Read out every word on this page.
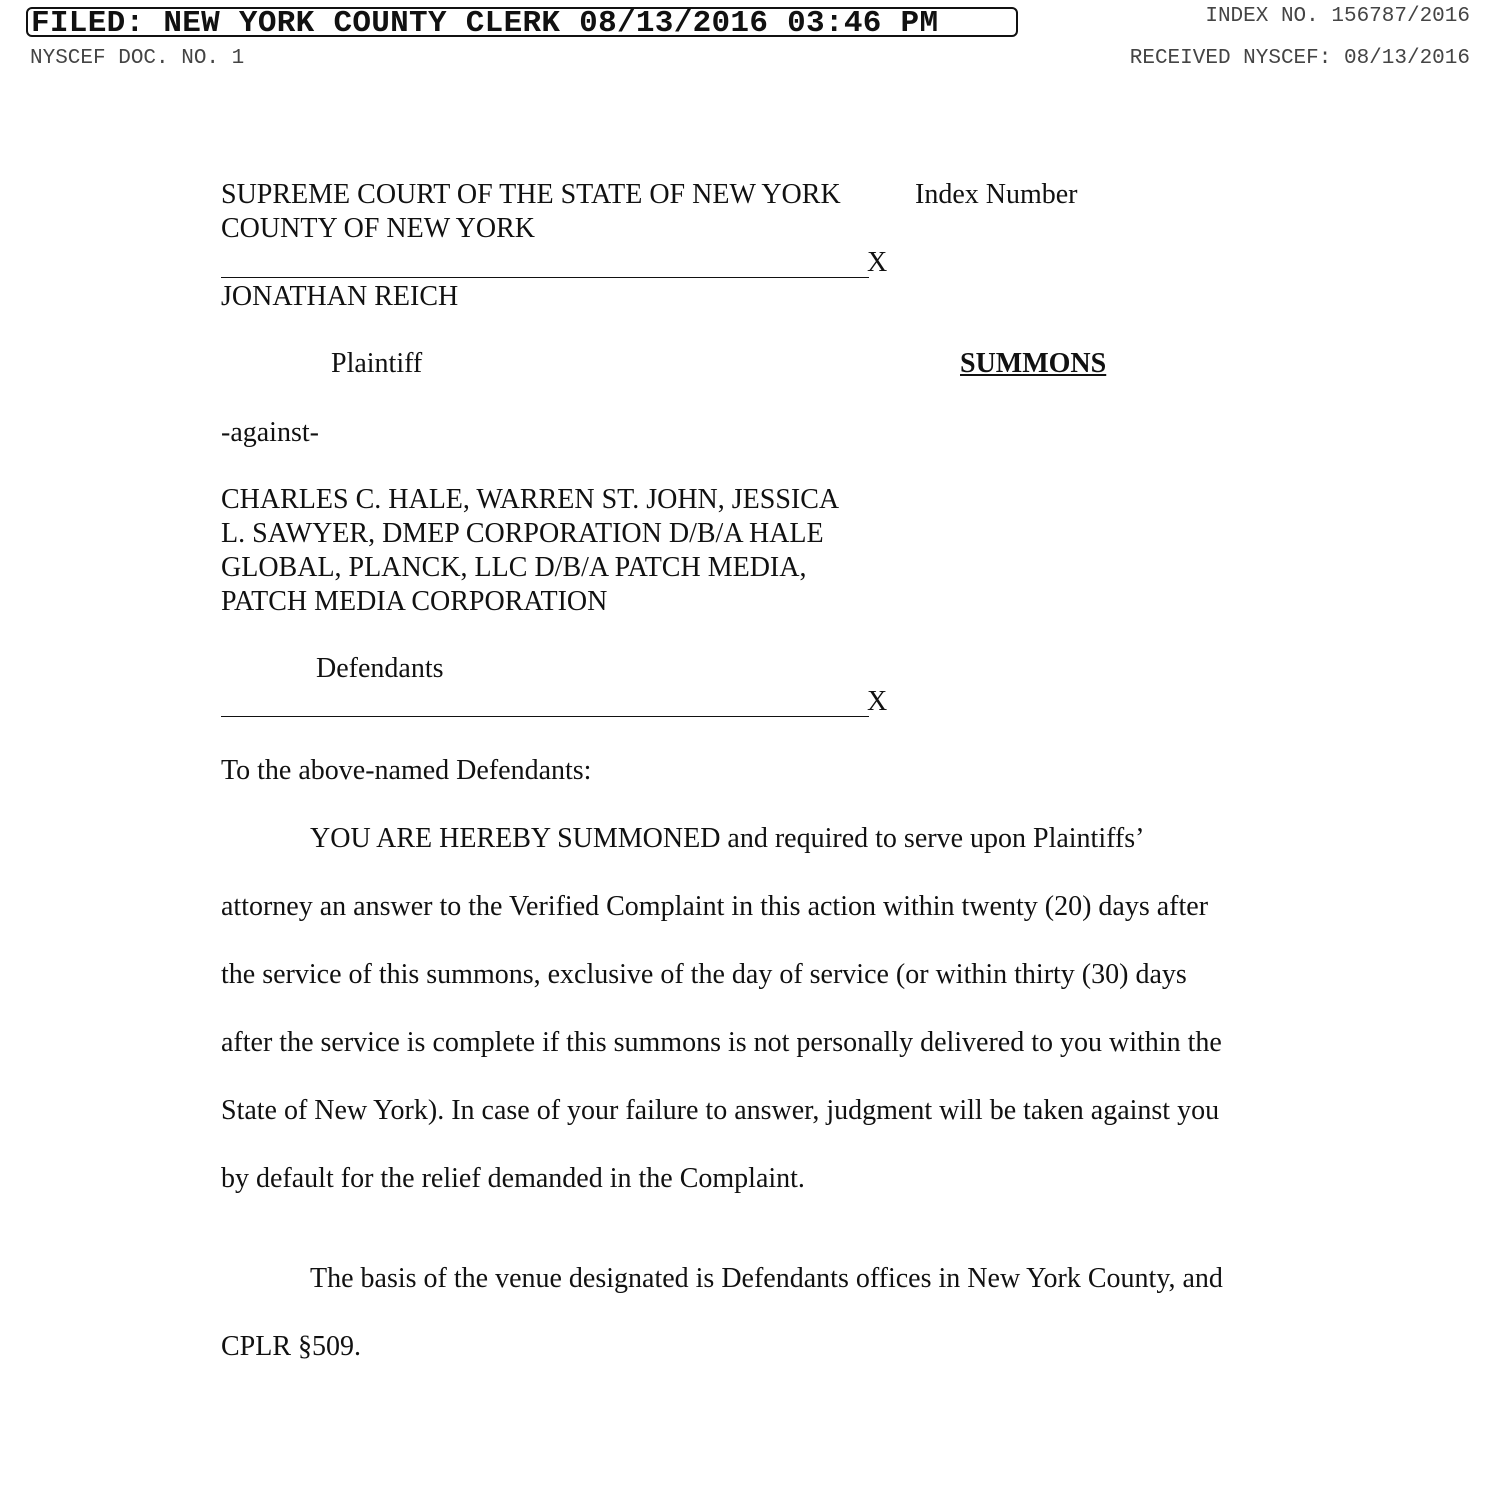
FILED: NEW YORK COUNTY CLERK 08/13/2016 03:46 PM	INDEX NO. 156787/2016
NYSCEF DOC. NO. 1	RECEIVED NYSCEF: 08/13/2016
SUPREME COURT OF THE STATE OF NEW YORK	Index Number
COUNTY OF NEW YORK
X
JONATHAN REICH
Plaintiff	SUMMONS
-against-
CHARLES C. HALE, WARREN ST. JOHN, JESSICA
L. SAWYER, DMEP CORPORATION D/B/A HALE
GLOBAL, PLANCK, LLC D/B/A PATCH MEDIA,
PATCH MEDIA CORPORATION
Defendants
X
To the above-named Defendants:
YOU ARE HEREBY SUMMONED and required to serve upon Plaintiffs’
attorney an answer to the Verified Complaint in this action within twenty (20) days after
the service of this summons, exclusive of the day of service (or within thirty (30) days
after the service is complete if this summons is not personally delivered to you within the
State of New York). In case of your failure to answer, judgment will be taken against you
by default for the relief demanded in the Complaint.
The basis of the venue designated is Defendants offices in New York County, and
CPLR §509.
